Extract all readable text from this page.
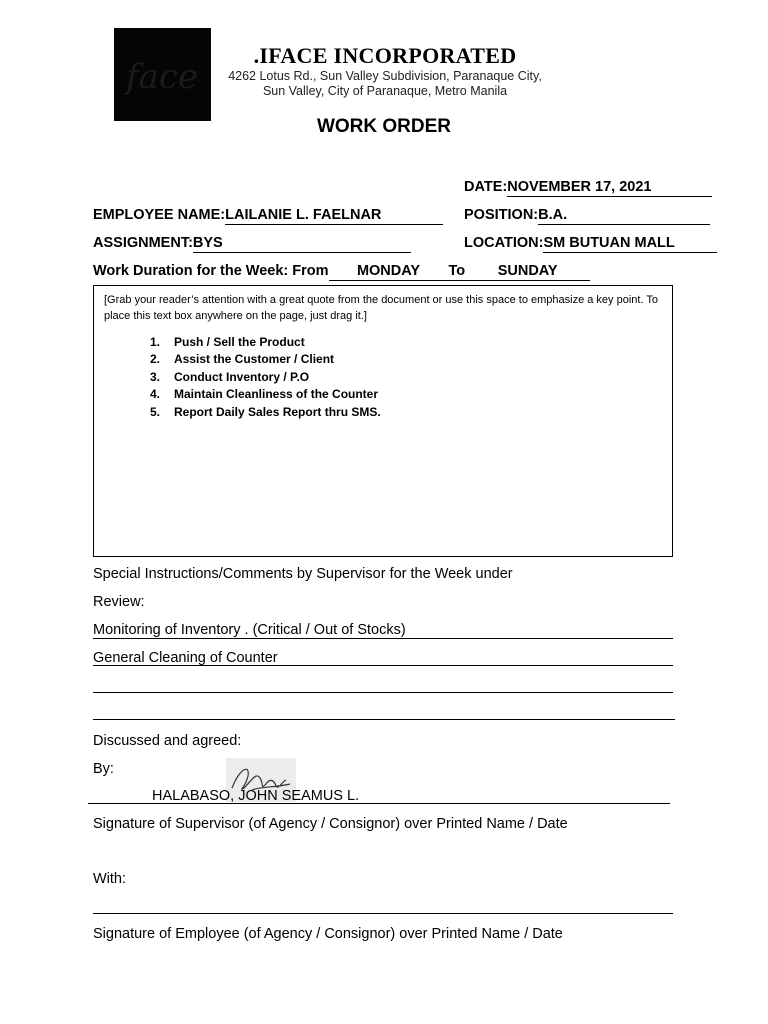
face
.IFACE INCORPORATED
4262 Lotus Rd., Sun Valley Subdivision, Paranaque City,
Sun Valley, City of Paranaque, Metro Manila
WORK ORDER
DATE:NOVEMBER 17, 2021
EMPLOYEE NAME:LAILANIE L. FAELNAR	POSITION:B.A.
ASSIGNMENT:BYS	LOCATION:SM BUTUAN MALL
Work Duration for the Week: From MONDAY To SUNDAY
[Grab your reader’s attention with a great quote from the document or use this space to emphasize a key point. To place this text box anywhere on the page, just drag it.]
1. Push / Sell the Product
2. Assist the Customer / Client
3. Conduct Inventory / P.O
4. Maintain Cleanliness of the Counter
5. Report Daily Sales Report thru SMS.
Special Instructions/Comments by Supervisor for the Week under
Review:
Monitoring of Inventory . (Critical / Out of Stocks)
General Cleaning of Counter
Discussed and agreed:
By:
HALABASO, JOHN SEAMUS L.
Signature of Supervisor (of Agency / Consignor) over Printed Name / Date
With:
Signature of Employee (of Agency / Consignor) over Printed Name / Date
